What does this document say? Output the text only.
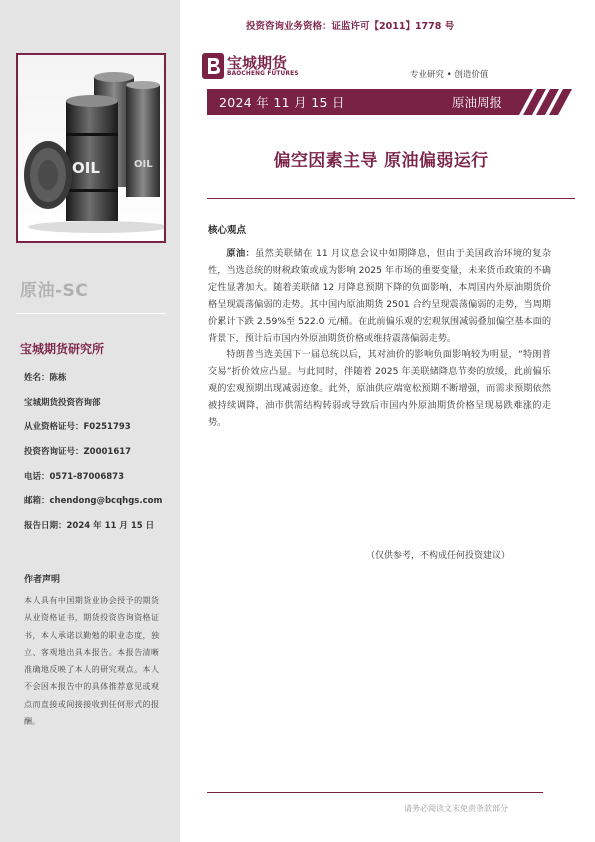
OIL	OIL
原油-SC
宝城期货研究所
姓名：陈栋
宝城期货投资咨询部
从业资格证号：F0251793
投资咨询证号：Z0001617
电话：0571-87006873
邮箱：chendong@bcqhgs.com
报告日期：2024 年 11 月 15 日
作者声明
本人具有中国期货业协会授予的期货从业资格证书，期货投资咨询资格证书，本人承诺以勤勉的职业态度，独立、客观地出具本报告。本报告清晰准确地反映了本人的研究观点。本人不会因本报告中的具体推荐意见或观点而直接或间接接收到任何形式的报酬。
投资咨询业务资格：证监许可【2011】1778 号
宝城期货
BAOCHENG FUTURES	专业研究 • 创造价值
2024 年 11 月 15 日	原油周报
偏空因素主导 原油偏弱运行
核心观点

原油：虽然美联储在 11 月议息会议中如期降息，但由于美国政治环境的复杂性，当选总统的财税政策或成为影响 2025 年市场的重要变量，未来货币政策的不确定性显著加大。随着美联储 12 月降息预期下降的负面影响，本周国内外原油期货价格呈现震荡偏弱的走势。其中国内原油期货 2501 合约呈现震荡偏弱的走势，当周期价累计下跌 2.59%至 522.0 元/桶。在此前偏乐观的宏观氛围减弱叠加偏空基本面的背景下，预计后市国内外原油期货价格或维持震荡偏弱走势。

特朗普当选美国下一届总统以后，其对油价的影响负面影响较为明显，“特朗普交易”折价效应凸显。与此同时，伴随着 2025 年美联储降息节奏的放缓，此前偏乐观的宏观预期出现减弱迹象。此外，原油供应端宽松预期不断增强，而需求预期依然被持续调降，油市供需结构转弱或导致后市国内外原油期货价格呈现易跌难涨的走势。

（仅供参考，不构成任何投资建议）
请务必阅读文末免责条款部分
